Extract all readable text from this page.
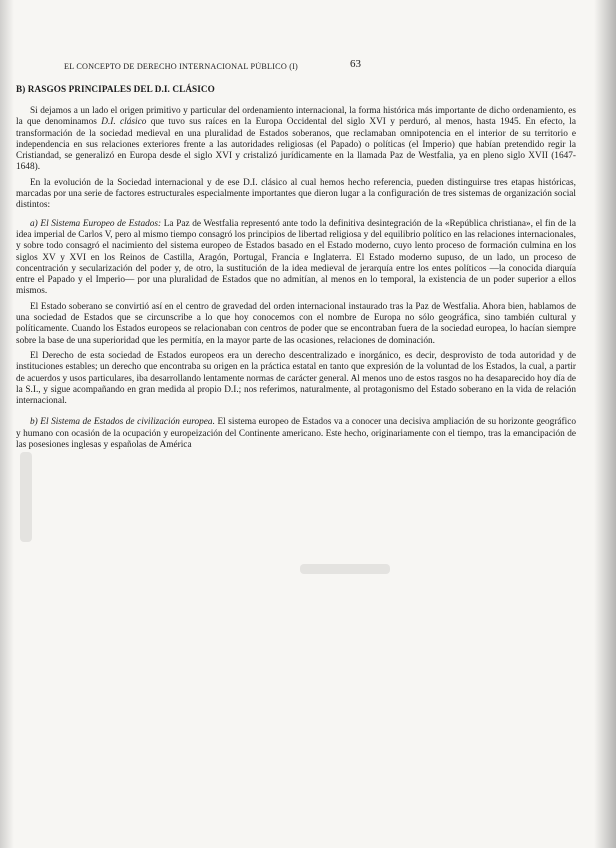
EL CONCEPTO DE DERECHO INTERNACIONAL PÚBLICO (I)	63
B) RASGOS PRINCIPALES DEL D.I. CLÁSICO

Si dejamos a un lado el origen primitivo y particular del ordenamiento internacional, la forma histórica más importante de dicho ordenamiento, es la que denominamos D.I. clásico que tuvo sus raíces en la Europa Occidental del siglo XVI y perduró, al menos, hasta 1945. En efecto, la transformación de la sociedad medieval en una pluralidad de Estados soberanos, que reclamaban omnipotencia en el interior de su territorio e independencia en sus relaciones exteriores frente a las autoridades religiosas (el Papado) o políticas (el Imperio) que habían pretendido regir la Cristiandad, se generalizó en Europa desde el siglo XVI y cristalizó jurídicamente en la llamada Paz de Westfalia, ya en pleno siglo XVII (1647-1648).

En la evolución de la Sociedad internacional y de ese D.I. clásico al cual hemos hecho referencia, pueden distinguirse tres etapas históricas, marcadas por una serie de factores estructurales especialmente importantes que dieron lugar a la configuración de tres sistemas de organización social distintos:

a) El Sistema Europeo de Estados: La Paz de Westfalia representó ante todo la definitiva desintegración de la «República christiana», el fin de la idea imperial de Carlos V, pero al mismo tiempo consagró los principios de libertad religiosa y del equilibrio político en las relaciones internacionales, y sobre todo consagró el nacimiento del sistema europeo de Estados basado en el Estado moderno, cuyo lento proceso de formación culmina en los siglos XV y XVI en los Reinos de Castilla, Aragón, Portugal, Francia e Inglaterra. El Estado moderno supuso, de un lado, un proceso de concentración y secularización del poder y, de otro, la sustitución de la idea medieval de jerarquía entre los entes políticos —la conocida diarquía entre el Papado y el Imperio— por una pluralidad de Estados que no admitían, al menos en lo temporal, la existencia de un poder superior a ellos mismos.

El Estado soberano se convirtió así en el centro de gravedad del orden internacional instaurado tras la Paz de Westfalia. Ahora bien, hablamos de una sociedad de Estados que se circunscribe a lo que hoy conocemos con el nombre de Europa no sólo geográfica, sino también cultural y políticamente. Cuando los Estados europeos se relacionaban con centros de poder que se encontraban fuera de la sociedad europea, lo hacían siempre sobre la base de una superioridad que les permitía, en la mayor parte de las ocasiones, relaciones de dominación.

El Derecho de esta sociedad de Estados europeos era un derecho descentralizado e inorgánico, es decir, desprovisto de toda autoridad y de instituciones estables; un derecho que encontraba su origen en la práctica estatal en tanto que expresión de la voluntad de los Estados, la cual, a partir de acuerdos y usos particulares, iba desarrollando lentamente normas de carácter general. Al menos uno de estos rasgos no ha desaparecido hoy día de la S.I., y sigue acompañando en gran medida al propio D.I.; nos referimos, naturalmente, al protagonismo del Estado soberano en la vida de relación internacional.

b) El Sistema de Estados de civilización europea. El sistema europeo de Estados va a conocer una decisiva ampliación de su horizonte geográfico y humano con ocasión de la ocupación y europeización del Continente americano. Este hecho, originariamente con el tiempo, tras la emancipación de las posesiones inglesas y españolas de América
